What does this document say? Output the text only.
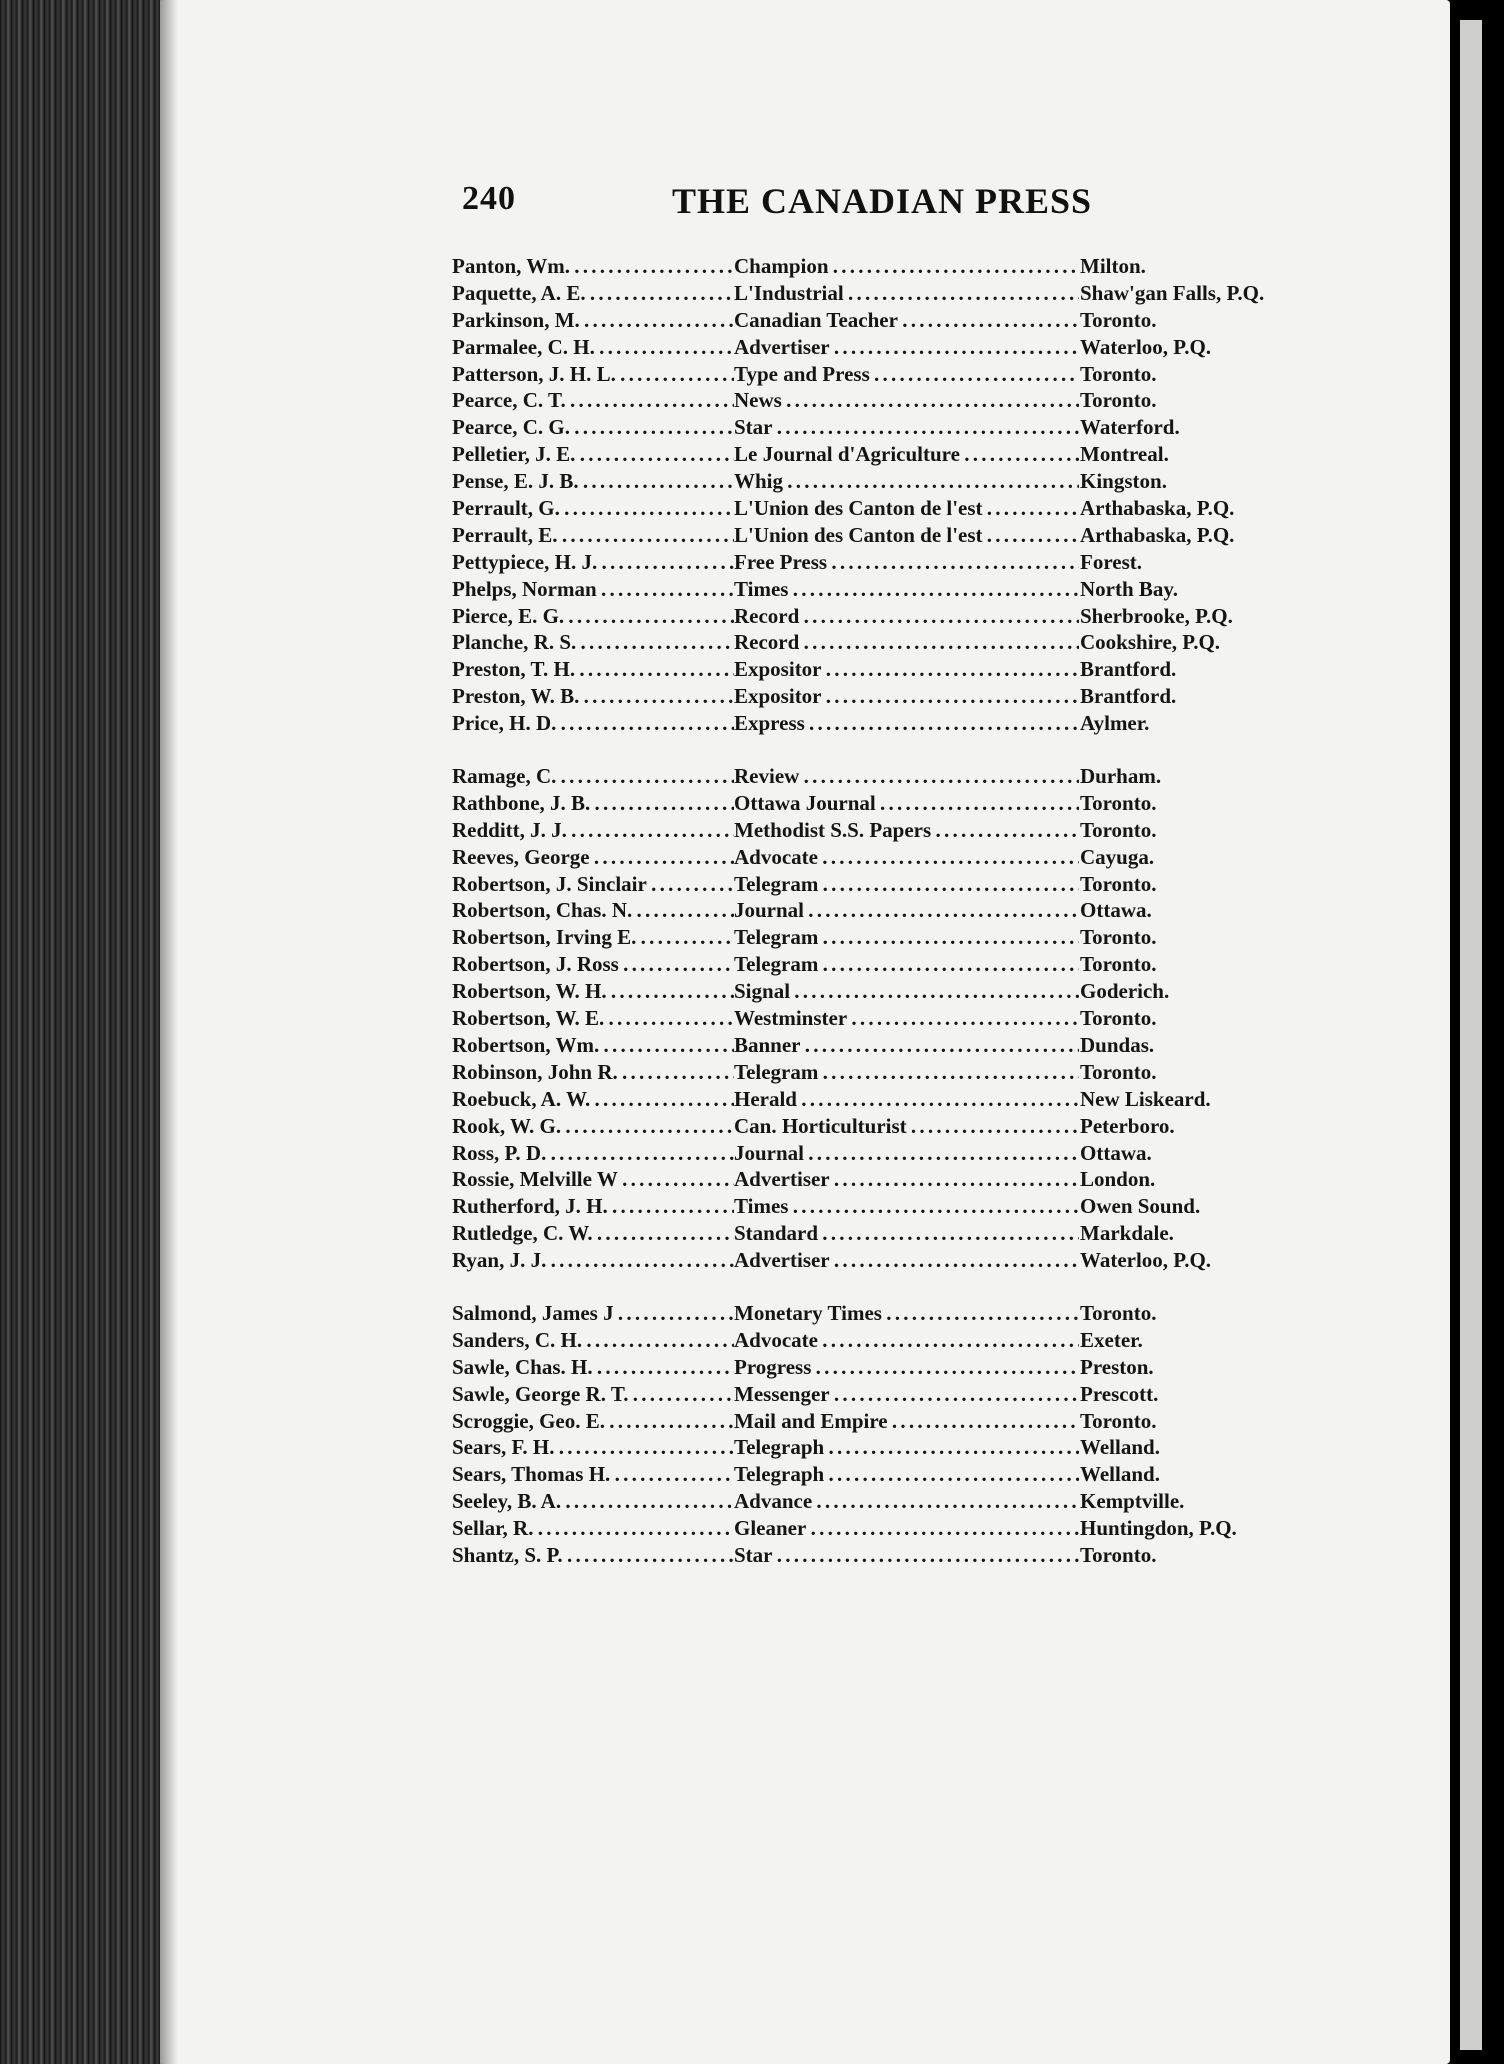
240	THE CANADIAN PRESS
Panton, Wm. . . .	Champion . . .	Milton.
Paquette, A. E. . . .	L'Industrial . . .	Shaw'gan Falls, P.Q.
Parkinson, M. . . .	Canadian Teacher . . .	Toronto.
Parmalee, C. H. . . .	Advertiser . . .	Waterloo, P.Q.
Patterson, J. H. L. . . .	Type and Press . . .	Toronto.
Pearce, C. T. . . .	News . . .	Toronto.
Pearce, C. G. . . .	Star . . .	Waterford.
Pelletier, J. E. . . .	Le Journal d'Agriculture . . .	Montreal.
Pense, E. J. B. . . .	Whig . . .	Kingston.
Perrault, G. . . .	L'Union des Canton de l'est . . .	Arthabaska, P.Q.
Perrault, E. . . .	L'Union des Canton de l'est . . .	Arthabaska, P.Q.
Pettypiece, H. J. . . .	Free Press . . .	Forest.
Phelps, Norman . . .	Times . . .	North Bay.
Pierce, E. G. . . .	Record . . .	Sherbrooke, P.Q.
Planche, R. S. . . .	Record . . .	Cookshire, P.Q.
Preston, T. H. . . .	Expositor . . .	Brantford.
Preston, W. B. . . .	Expositor . . .	Brantford.
Price, H. D. . . .	Express . . .	Aylmer.
Ramage, C. . . .	Review . . .	Durham.
Rathbone, J. B. . . .	Ottawa Journal . . .	Toronto.
Redditt, J. J. . . .	Methodist S.S. Papers . . .	Toronto.
Reeves, George . . .	Advocate . . .	Cayuga.
Robertson, J. Sinclair . . .	Telegram . . .	Toronto.
Robertson, Chas. N. . . .	Journal . . .	Ottawa.
Robertson, Irving E. . . .	Telegram . . .	Toronto.
Robertson, J. Ross . . .	Telegram . . .	Toronto.
Robertson, W. H. . . .	Signal . . .	Goderich.
Robertson, W. E. . . .	Westminster . . .	Toronto.
Robertson, Wm. . . .	Banner . . .	Dundas.
Robinson, John R. . . .	Telegram . . .	Toronto.
Roebuck, A. W. . . .	Herald . . .	New Liskeard.
Rook, W. G. . . .	Can. Horticulturist . . .	Peterboro.
Ross, P. D. . . .	Journal . . .	Ottawa.
Rossie, Melville W . . .	Advertiser . . .	London.
Rutherford, J. H. . . .	Times . . .	Owen Sound.
Rutledge, C. W. . . .	Standard . . .	Markdale.
Ryan, J. J. . . .	Advertiser . . .	Waterloo, P.Q.
Salmond, James J . . .	Monetary Times . . .	Toronto.
Sanders, C. H. . . .	Advocate . . .	Exeter.
Sawle, Chas. H. . . .	Progress . . .	Preston.
Sawle, George R. T. . . .	Messenger . . .	Prescott.
Scroggie, Geo. E. . . .	Mail and Empire . . .	Toronto.
Sears, F. H. . . .	Telegraph . . .	Welland.
Sears, Thomas H. . . .	Telegraph . . .	Welland.
Seeley, B. A. . . .	Advance . . .	Kemptville.
Sellar, R. . . .	Gleaner . . .	Huntingdon, P.Q.
Shantz, S. P. . . .	Star . . .	Toronto.
